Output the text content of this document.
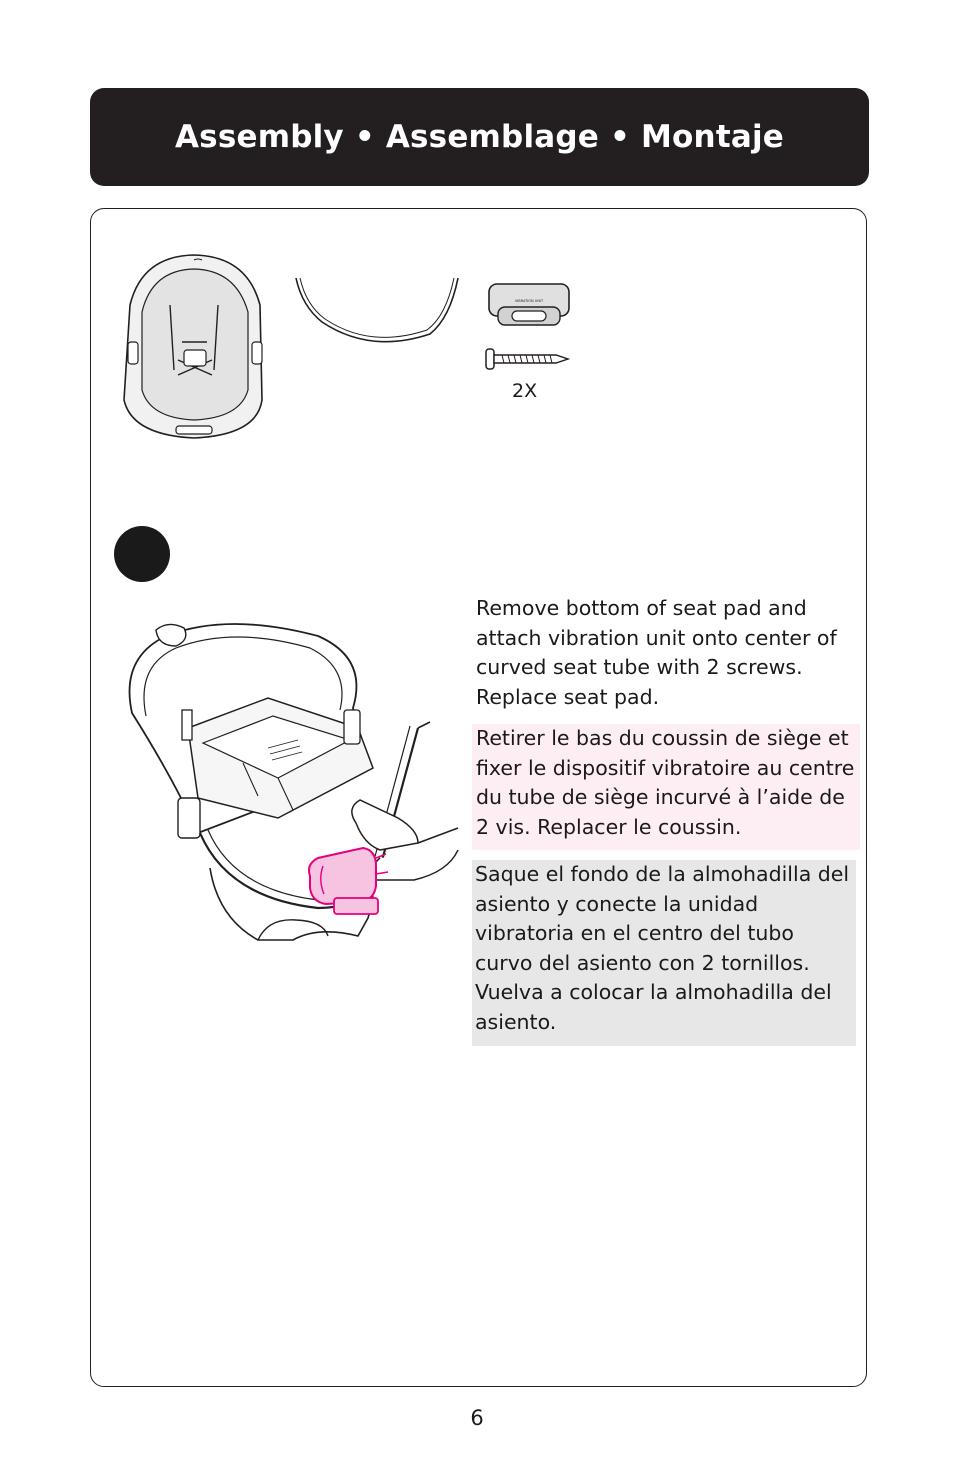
Assembly • Assemblage • Montaje
VIBRATION UNIT
2X
Remove bottom of seat pad and attach vibration unit onto center of curved seat tube with 2 screws. Replace seat pad.
Retirer le bas du coussin de siège et fixer le dispositif vibratoire au centre du tube de siège incurvé à l’aide de 2 vis. Replacer le coussin.
Saque el fondo de la almohadilla del asiento y conecte la unidad vibratoria en el centro del tubo curvo del asiento con 2 tornillos. Vuelva a colocar la almohadilla del asiento.
6
